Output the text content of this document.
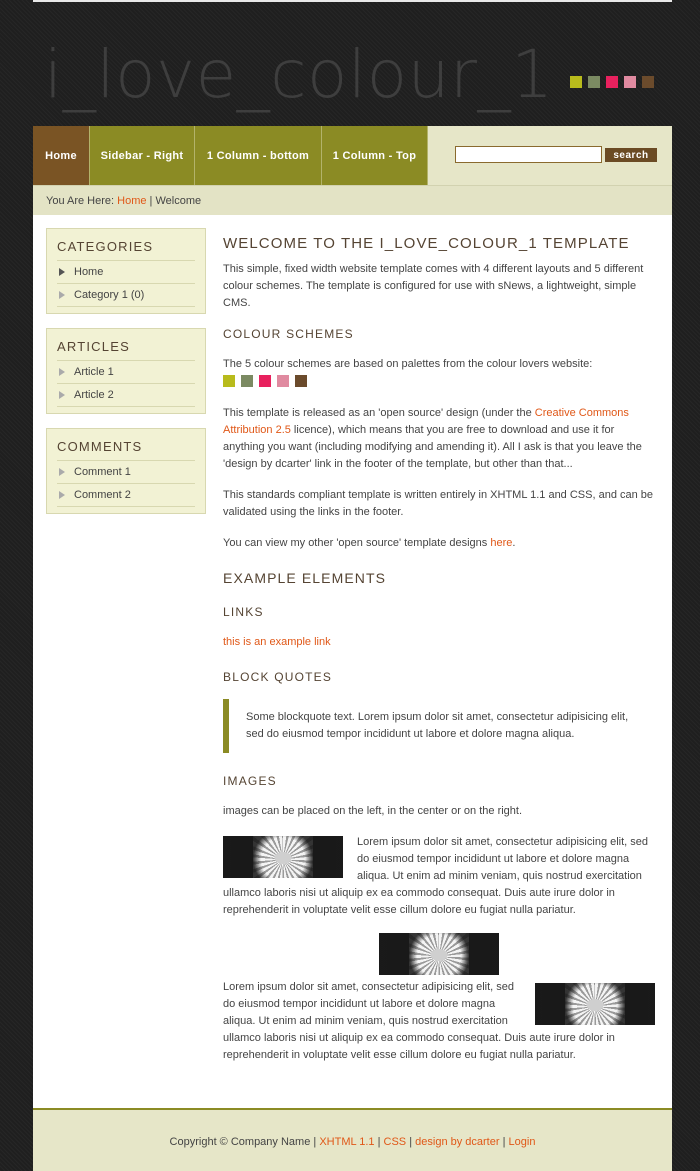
i_love_colour_1
Home	Sidebar - Right	1 Column - bottom	1 Column - Top	search
You Are Here: Home | Welcome
CATEGORIES
Home
Category 1 (0)
ARTICLES
Article 1
Article 2
COMMENTS
Comment 1
Comment 2
WELCOME TO THE I_LOVE_COLOUR_1 TEMPLATE

This simple, fixed width website template comes with 4 different layouts and 5 different colour schemes. The template is configured for use with sNews, a lightweight, simple CMS.

COLOUR SCHEMES

The 5 colour schemes are based on palettes from the colour lovers website:

This template is released as an 'open source' design (under the Creative Commons Attribution 2.5 licence), which means that you are free to download and use it for anything you want (including modifying and amending it). All I ask is that you leave the 'design by dcarter' link in the footer of the template, but other than that...

This standards compliant template is written entirely in XHTML 1.1 and CSS, and can be validated using the links in the footer.

You can view my other 'open source' template designs here.

EXAMPLE ELEMENTS
LINKS

this is an example link

BLOCK QUOTES
Some blockquote text. Lorem ipsum dolor sit amet, consectetur adipisicing elit, sed do eiusmod tempor incididunt ut labore et dolore magna aliqua.
IMAGES

images can be placed on the left, in the center or on the right.

Lorem ipsum dolor sit amet, consectetur adipisicing elit, sed do eiusmod tempor incididunt ut labore et dolore magna aliqua. Ut enim ad minim veniam, quis nostrud exercitation ullamco laboris nisi ut aliquip ex ea commodo consequat. Duis aute irure dolor in reprehenderit in voluptate velit esse cillum dolore eu fugiat nulla pariatur.

Lorem ipsum dolor sit amet, consectetur adipisicing elit, sed do eiusmod tempor incididunt ut labore et dolore magna aliqua. Ut enim ad minim veniam, quis nostrud exercitation ullamco laboris nisi ut aliquip ex ea commodo consequat. Duis aute irure dolor in reprehenderit in voluptate velit esse cillum dolore eu fugiat nulla pariatur.

Copyright © Company Name | XHTML 1.1 | CSS | design by dcarter | Login
